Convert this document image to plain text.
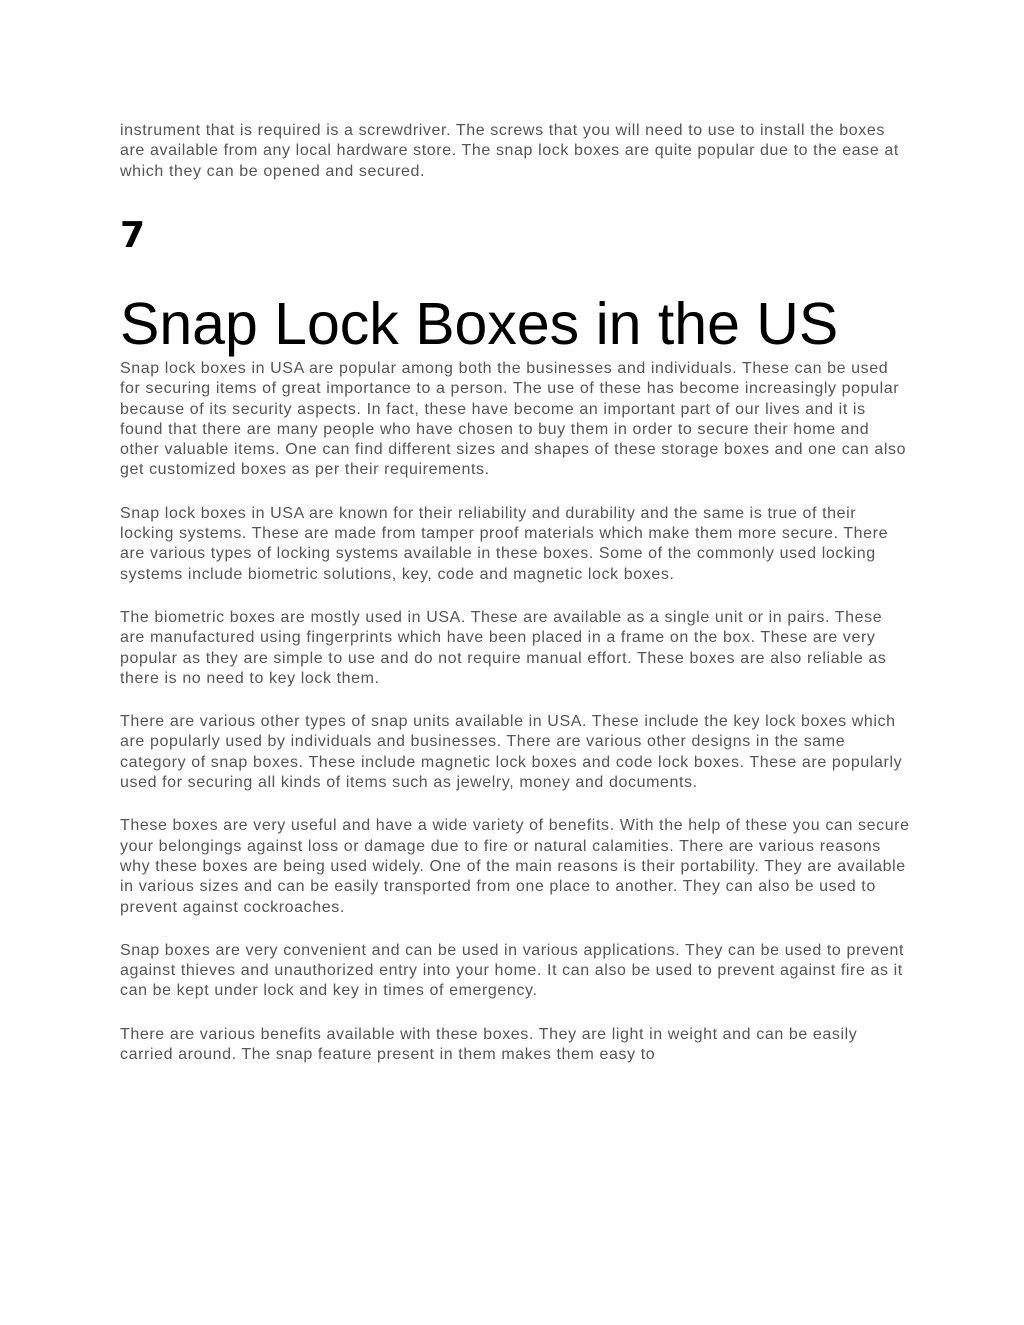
instrument that is required is a screwdriver. The screws that you will need to use to install the boxes are available from any local hardware store. The snap lock boxes are quite popular due to the ease at which they can be opened and secured.

7
Snap Lock Boxes in the US

Snap lock boxes in USA are popular among both the businesses and individuals. These can be used for securing items of great importance to a person. The use of these has become increasingly popular because of its security aspects. In fact, these have become an important part of our lives and it is found that there are many people who have chosen to buy them in order to secure their home and other valuable items. One can find different sizes and shapes of these storage boxes and one can also get customized boxes as per their requirements.

Snap lock boxes in USA are known for their reliability and durability and the same is true of their locking systems. These are made from tamper proof materials which make them more secure. There are various types of locking systems available in these boxes. Some of the commonly used locking systems include biometric solutions, key, code and magnetic lock boxes.

The biometric boxes are mostly used in USA. These are available as a single unit or in pairs. These are manufactured using fingerprints which have been placed in a frame on the box. These are very popular as they are simple to use and do not require manual effort. These boxes are also reliable as there is no need to key lock them.

There are various other types of snap units available in USA. These include the key lock boxes which are popularly used by individuals and businesses. There are various other designs in the same category of snap boxes. These include magnetic lock boxes and code lock boxes. These are popularly used for securing all kinds of items such as jewelry, money and documents.

These boxes are very useful and have a wide variety of benefits. With the help of these you can secure your belongings against loss or damage due to fire or natural calamities. There are various reasons why these boxes are being used widely. One of the main reasons is their portability. They are available in various sizes and can be easily transported from one place to another. They can also be used to prevent against cockroaches.

Snap boxes are very convenient and can be used in various applications. They can be used to prevent against thieves and unauthorized entry into your home. It can also be used to prevent against fire as it can be kept under lock and key in times of emergency.

There are various benefits available with these boxes. They are light in weight and can be easily carried around. The snap feature present in them makes them easy to
